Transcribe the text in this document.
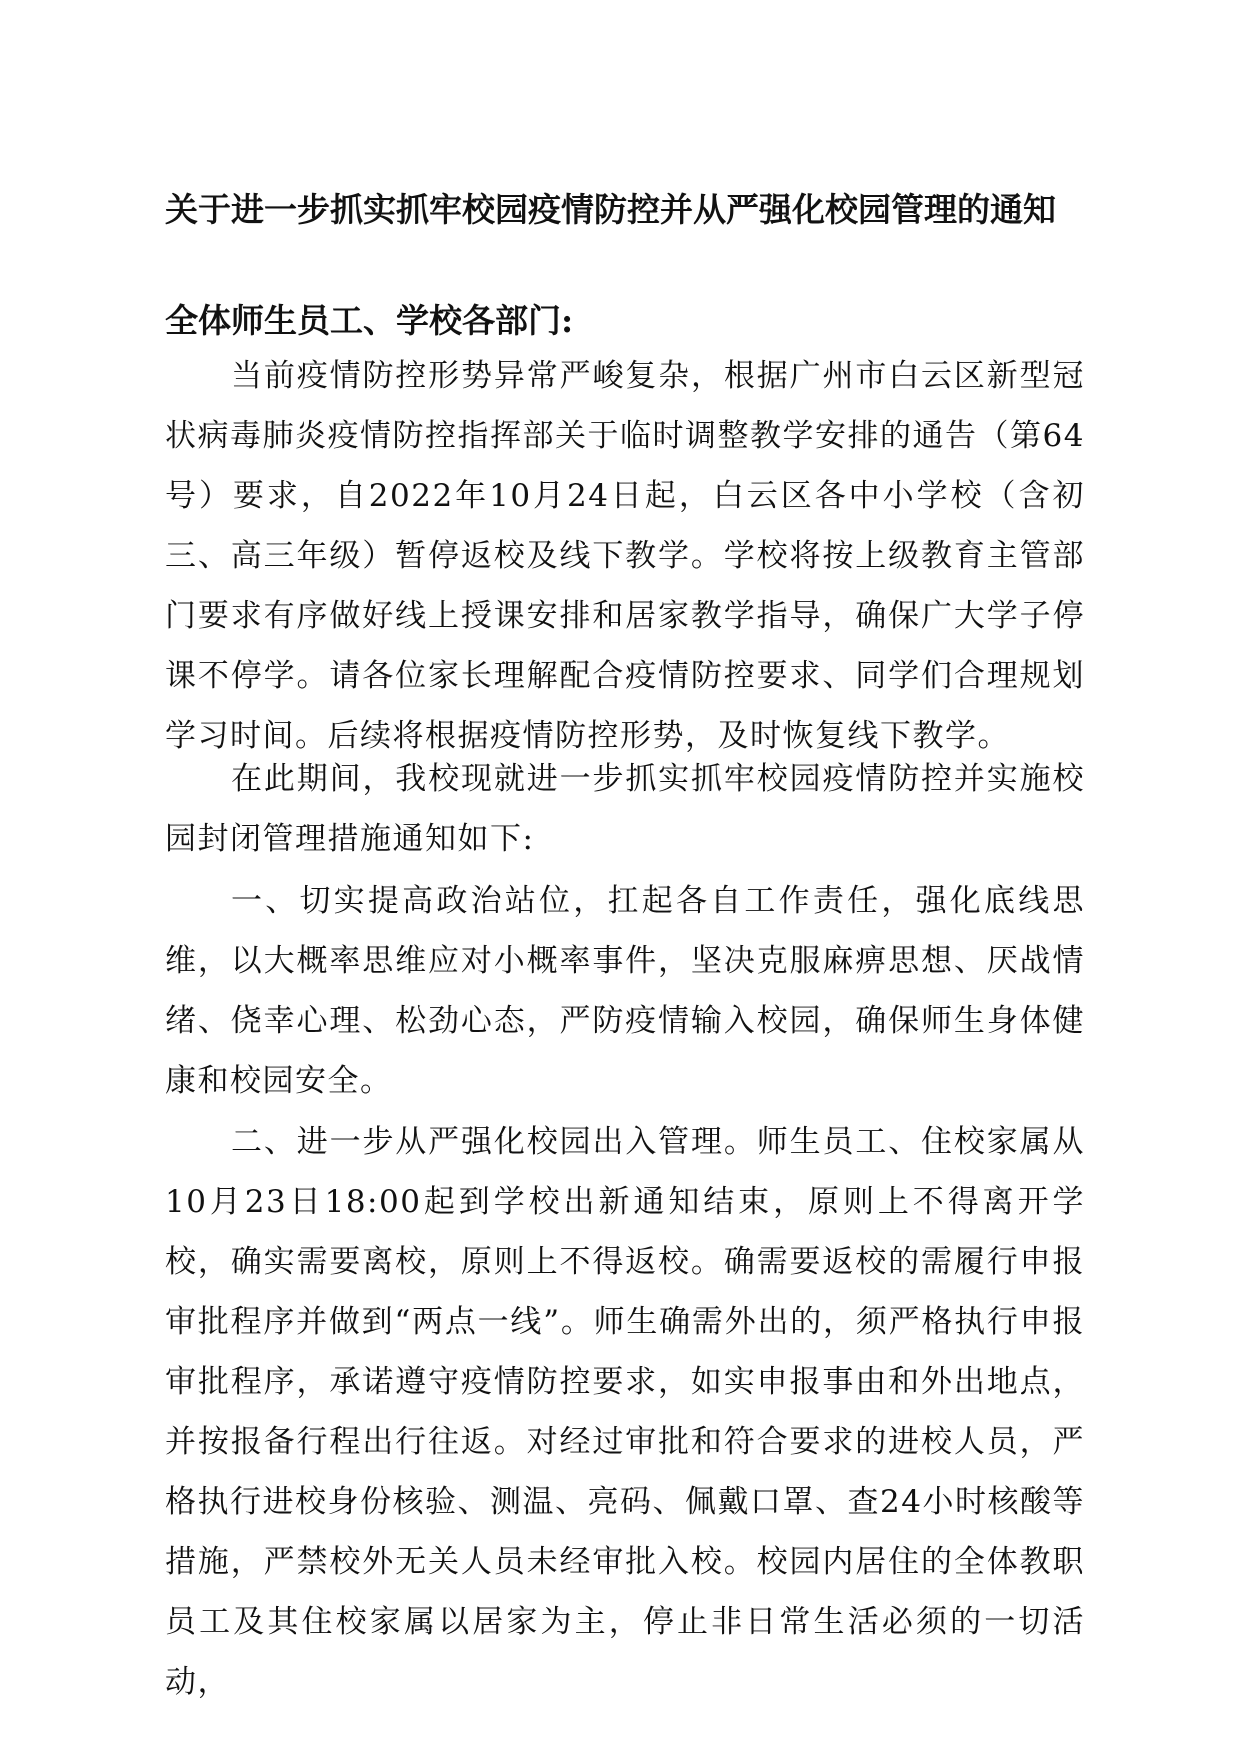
关于进一步抓实抓牢校园疫情防控并从严强化校园管理的通知
全体师生员工、学校各部门:
当前疫情防控形势异常严峻复杂，根据广州市白云区新型冠状病毒肺炎疫情防控指挥部关于临时调整教学安排的通告（第64号）要求，自2022年10月24日起，白云区各中小学校（含初三、高三年级）暂停返校及线下教学。学校将按上级教育主管部门要求有序做好线上授课安排和居家教学指导，确保广大学子停课不停学。请各位家长理解配合疫情防控要求、同学们合理规划学习时间。后续将根据疫情防控形势，及时恢复线下教学。
在此期间，我校现就进一步抓实抓牢校园疫情防控并实施校园封闭管理措施通知如下:
一、切实提高政治站位，扛起各自工作责任，强化底线思维，以大概率思维应对小概率事件，坚决克服麻痹思想、厌战情绪、侥幸心理、松劲心态，严防疫情输入校园，确保师生身体健康和校园安全。
二、进一步从严强化校园出入管理。师生员工、住校家属从10月23日18:00起到学校出新通知结束，原则上不得离开学校，确实需要离校，原则上不得返校。确需要返校的需履行申报审批程序并做到“两点一线”。师生确需外出的，须严格执行申报审批程序，承诺遵守疫情防控要求，如实申报事由和外出地点，并按报备行程出行往返。对经过审批和符合要求的进校人员，严格执行进校身份核验、测温、亮码、佩戴口罩、查24小时核酸等措施，严禁校外无关人员未经审批入校。校园内居住的全体教职员工及其住校家属以居家为主，停止非日常生活必须的一切活动，
